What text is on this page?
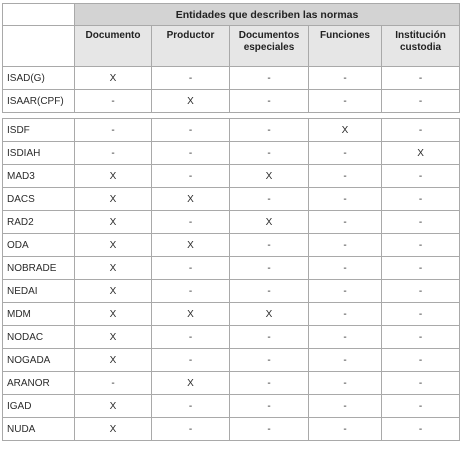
	Entidades que describen las normas				
	Documento	Productor	Documentos especiales	Funciones	Institución custodia
ISAD(G)	X	-	-	-	-
ISAAR(CPF)	-	X	-	-	-

ISDF	-	-	-	X	-
ISDIAH	-	-	-	-	X
MAD3	X	-	X	-	-
DACS	X	X	-	-	-
RAD2	X	-	X	-	-
ODA	X	X	-	-	-
NOBRADE	X	-	-	-	-
NEDAI	X	-	-	-	-
MDM	X	X	X	-	-
NODAC	X	-	-	-	-
NOGADA	X	-	-	-	-
ARANOR	-	X	-	-	-
IGAD	X	-	-	-	-
NUDA	X	-	-	-	-
